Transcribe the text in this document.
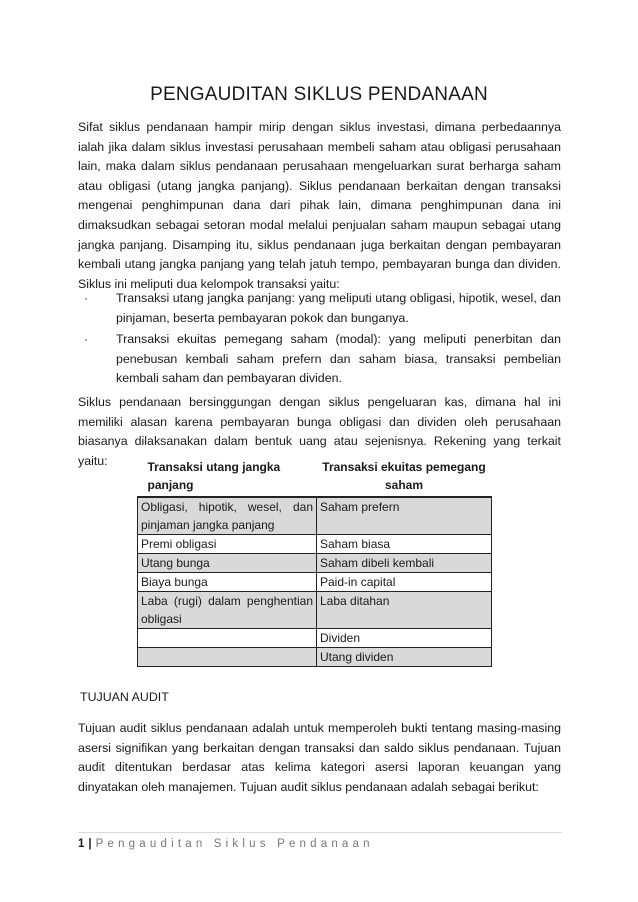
PENGAUDITAN SIKLUS PENDANAAN

Sifat siklus pendanaan hampir mirip dengan siklus investasi, dimana perbedaannya ialah jika dalam siklus investasi perusahaan membeli saham atau obligasi perusahaan lain, maka dalam siklus pendanaan perusahaan mengeluarkan surat berharga saham atau obligasi (utang jangka panjang). Siklus pendanaan berkaitan dengan transaksi mengenai penghimpunan dana dari pihak lain, dimana penghimpunan dana ini dimaksudkan sebagai setoran modal melalui penjualan saham maupun sebagai utang jangka panjang. Disamping itu, siklus pendanaan juga berkaitan dengan pembayaran kembali utang jangka panjang yang telah jatuh tempo, pembayaran bunga dan dividen. Siklus ini meliputi dua kelompok transaksi yaitu:

· Transaksi utang jangka panjang: yang meliputi utang obligasi, hipotik, wesel, dan pinjaman, beserta pembayaran pokok dan bunganya.
· Transaksi ekuitas pemegang saham (modal): yang meliputi penerbitan dan penebusan kembali saham prefern dan saham biasa, transaksi pembelian kembali saham dan pembayaran dividen.

Siklus pendanaan bersinggungan dengan siklus pengeluaran kas, dimana hal ini memiliki alasan karena pembayaran bunga obligasi dan dividen oleh perusahaan biasanya dilaksanakan dalam bentuk uang atau sejenisnya. Rekening yang terkait yaitu:	Transaksi utang jangka panjang	Transaksi ekuitas pemegang saham
Obligasi, hipotik, wesel, dan pinjaman jangka panjang	Saham prefern
Premi obligasi	Saham biasa
Utang bunga	Saham dibeli kembali
Biaya bunga	Paid-in capital
Laba (rugi) dalam penghentian obligasi	Laba ditahan
	Dividen
	Utang dividen
TUJUAN AUDIT

Tujuan audit siklus pendanaan adalah untuk memperoleh bukti tentang masing-masing asersi signifikan yang berkaitan dengan transaksi dan saldo siklus pendanaan. Tujuan audit ditentukan berdasar atas kelima kategori asersi laporan keuangan yang dinyatakan oleh manajemen. Tujuan audit siklus pendanaan adalah sebagai berikut:

1 | Pengauditan Siklus Pendanaan
